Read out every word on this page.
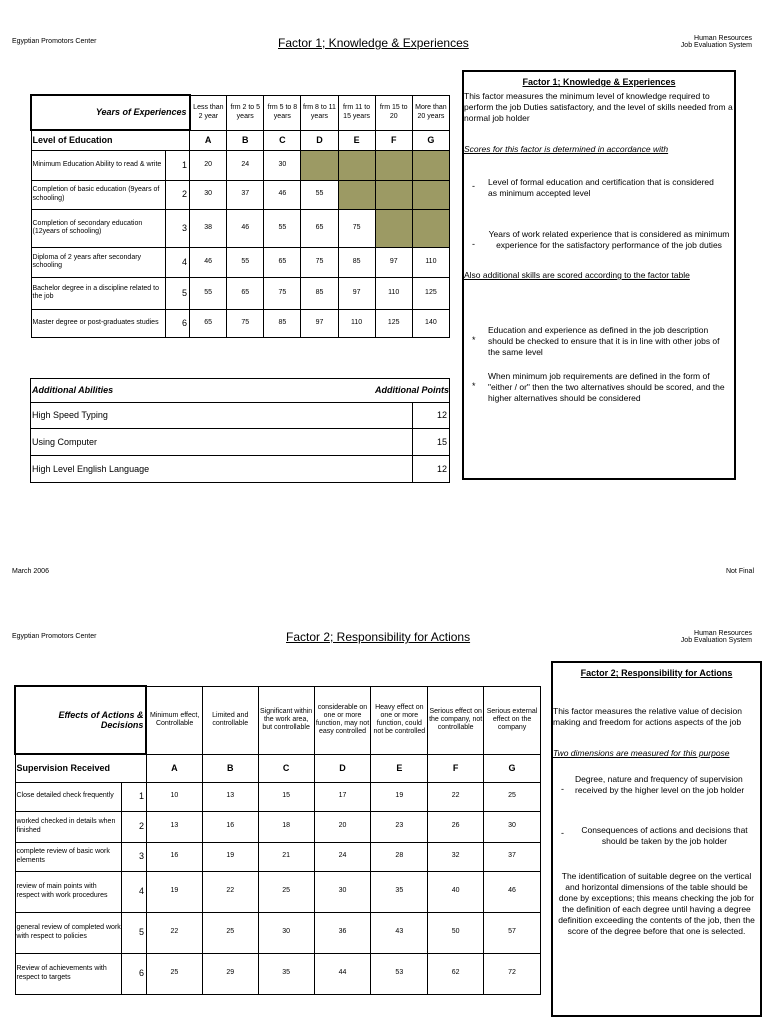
Egyptian Promotors Center	Factor 1; Knowledge & Experiences	Human Resources
Job Evaluation System
Years of Experiences		Less than 2 year	frm 2 to 5 years	frm 5 to 8 years	frm 8 to 11 years	frm 11 to 15 years	frm 15 to 20	More than 20 years
Level of Education		A	B	C	D	E	F	G
Minimum Education Ability to read & write	1	20	24	30				
Completion of basic education (9years of schooling)	2	30	37	46	55			
Completion of secondary education (12years of schooling)	3	38	46	55	65	75		
Diploma of 2 years after secondary schooling	4	46	55	65	75	85	97	110
Bachelor degree in a discipline related to the job	5	55	65	75	85	97	110	125
Master degree or post-graduates studies	6	65	75	85	97	110	125	140
Additional Abilities	Additional Points
High Speed Typing	12
Using Computer	15
High Level English Language	12

Factor 1; Knowledge & Experiences

This factor measures the minimum level of knowledge required to perform the job Duties satisfactory, and the level of skills needed from a normal job holder

Scores for this factor is determined in accordance with

- Level of formal education and certification that is considered as minimum accepted level

-

Years of work related experience that is considered as minimum experience for the satisfactory performance of the job duties

Also additional skills are scored according to the factor table

*

Education and experience as defined in the job description should be checked to ensure that it is in line with other jobs of the same level

*

When minimum job requirements are defined in the form of "either / or" then the two alternatives should be scored, and the higher alternatives should be considered

March 2006	Not Final
Egyptian Promotors Center	Factor 2; Responsibility for Actions	Human Resources
Job Evaluation System
Effects of Actions & Decisions		Minimum effect, Controllable	Limited and controllable	Significant within the work area, but controllable	considerable on one or more function, may not easy controlled	Heavy effect on one or more function, could not be controlled	Serious effect on the company, not controllable	Serious external effect on the company
Supervision Received		A	B	C	D	E	F	G
Close detailed check frequently	1	10	13	15	17	19	22	25
worked checked in details when finished	2	13	16	18	20	23	26	30
complete review of basic work elements	3	16	19	21	24	28	32	37
review of main points with respect with work procedures	4	19	22	25	30	35	40	46
general review of completed work with respect to policies	5	22	25	30	36	43	50	57
Review of achievements with respect to targets	6	25	29	35	44	53	62	72

Factor 2; Responsibility for Actions

This factor measures the relative value of decision making and freedom for actions aspects of the job

Two dimensions are measured for this purpose

-

Degree, nature and frequency of supervision received by the higher level on the job holder

-	Consequences of actions and decisions that should be taken by the job holder

The identification of suitable degree on the vertical and horizontal dimensions of the table should be done by exceptions; this means checking the job for the definition of each degree until having a degree definition exceeding the contents of the job, then the score of the degree before that one is selected.
